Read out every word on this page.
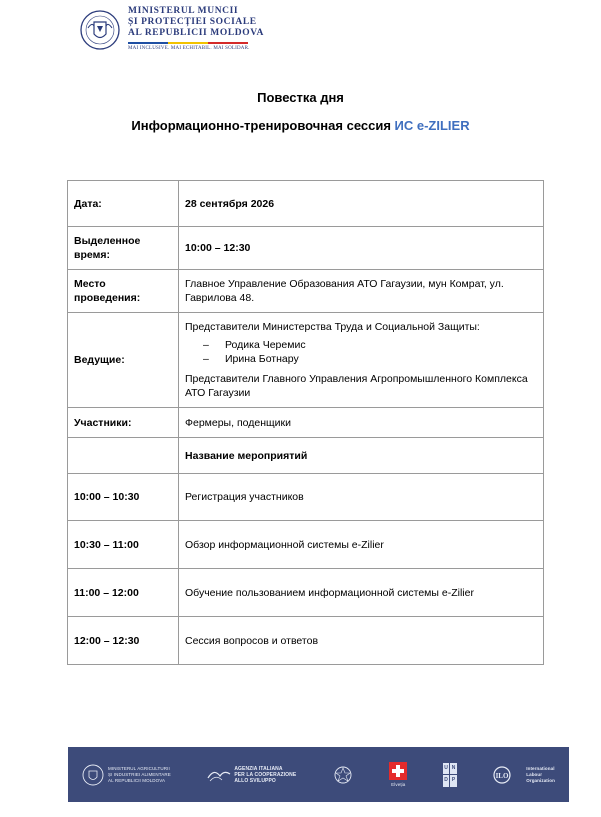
MINISTERUL MUNCII
ȘI PROTECȚIEI SOCIALE
AL REPUBLICII MOLDOVA
MAI INCLUSIVE. MAI ECHITABIL. MAI SOLIDAR.
Повестка дня
Информационно-тренировочная сессия ИС e-ZILIER
Дата:	28 сентября 2026
Выделенное время:	10:00 – 12:30
Место проведения:	Главное Управление Образования АТО Гагаузии, мун Комрат, ул. Гаврилова 48.
Ведущие:	Представители Министерства Труда и Социальной Защиты:
– Родика Черемис
– Ирина Ботнару
Представители Главного Управления Агропромышленного Комплекса АТО Гагаузии

Участники:	Фермеры, поденщики
	Название мероприятий
10:00 – 10:30	Регистрация участников
10:30 – 11:00	Обзор информационной системы e-Zilier
11:00 – 12:00	Обучение пользованием информационной системы e-Zilier
12:00 – 12:30	Сессия вопросов и ответов
MINISTERUL AGRICULTURII
ȘI INDUSTRIEI ALIMENTARE
AL REPUBLICII MOLDOVA
AGENZIA ITALIANA
PER LA COOPERAZIONE
ALLO SVILUPPO
Elveția
U N
D P
ILO
International
Labour
Organization
